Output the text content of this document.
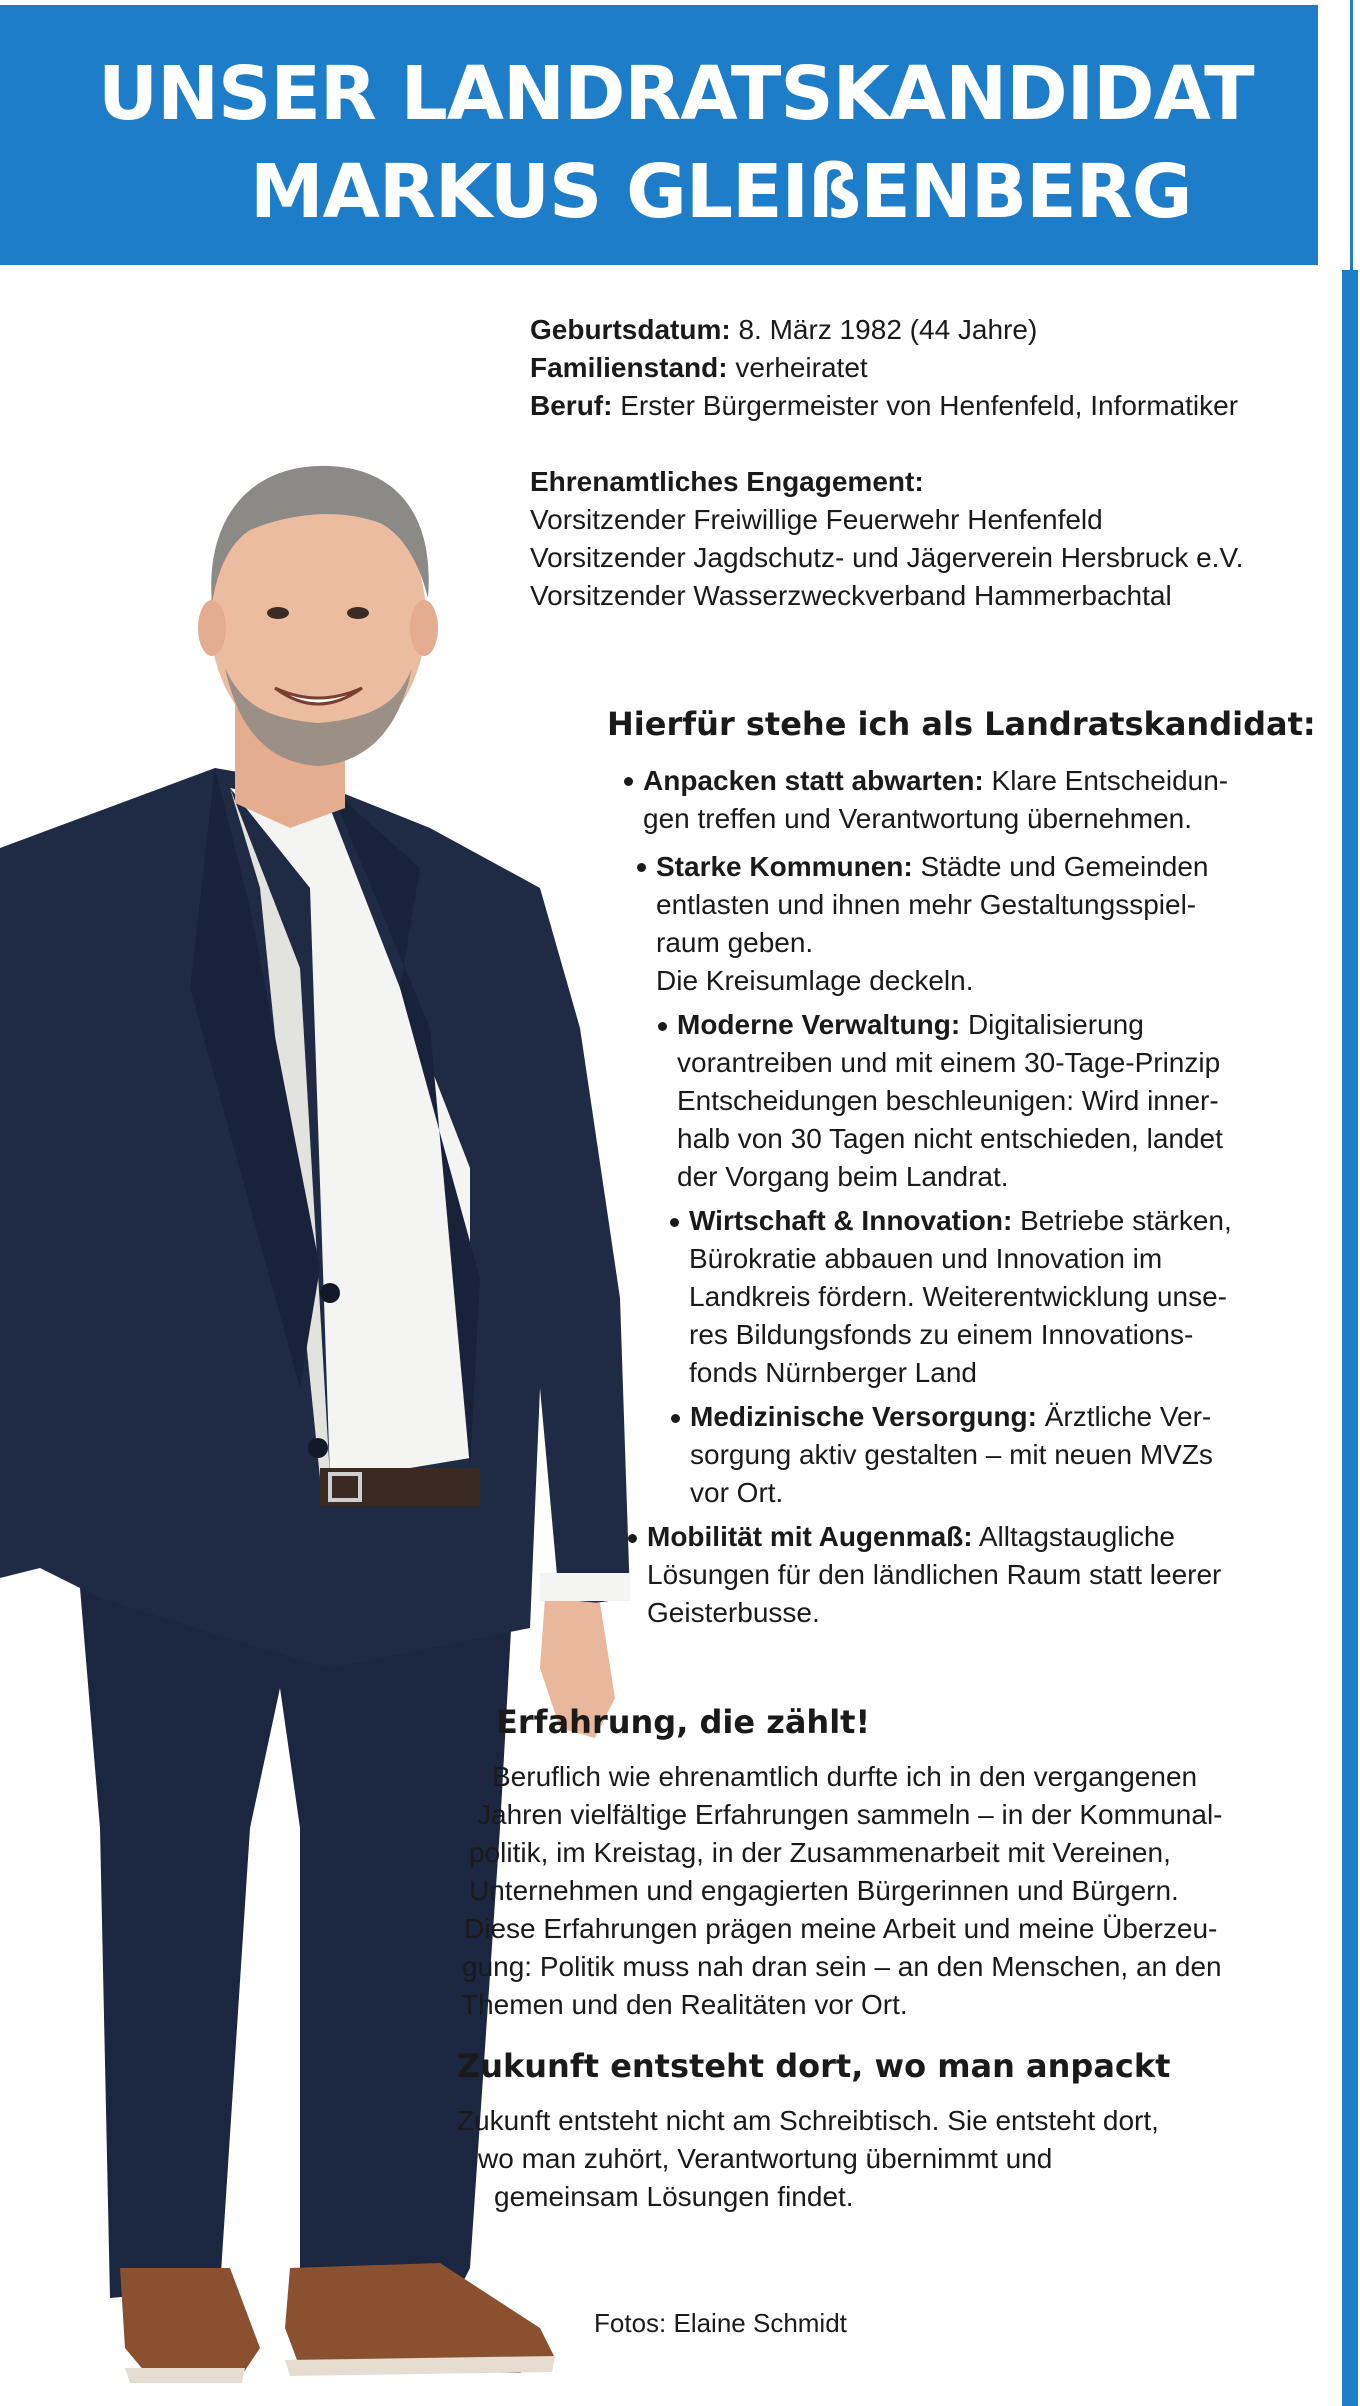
UNSER LANDRATSKANDIDAT
MARKUS GLEIßENBERG
Geburtsdatum: 8. März 1982 (44 Jahre)
Familienstand: verheiratet
Beruf: Erster Bürgermeister von Henfenfeld, Informatiker
Ehrenamtliches Engagement:
Vorsitzender Freiwillige Feuerwehr Henfenfeld
Vorsitzender Jagdschutz- und Jägerverein Hersbruck e.V.
Vorsitzender Wasserzweckverband Hammerbachtal
Hierfür stehe ich als Landratskandidat:
Anpacken statt abwarten: Klare Entscheidun-
gen treffen und Verantwortung übernehmen.
Starke Kommunen: Städte und Gemeinden
entlasten und ihnen mehr Gestaltungsspiel-
raum geben.
Die Kreisumlage deckeln.
Moderne Verwaltung: Digitalisierung
vorantreiben und mit einem 30-Tage-Prinzip
Entscheidungen beschleunigen: Wird inner-
halb von 30 Tagen nicht entschieden, landet
der Vorgang beim Landrat.
Wirtschaft & Innovation: Betriebe stärken,
Bürokratie abbauen und Innovation im
Landkreis fördern. Weiterentwicklung unse-
res Bildungsfonds zu einem Innovations-
fonds Nürnberger Land
Medizinische Versorgung: Ärztliche Ver-
sorgung aktiv gestalten – mit neuen MVZs
vor Ort.
Mobilität mit Augenmaß: Alltagstaugliche
Lösungen für den ländlichen Raum statt leerer
Geisterbusse.
Erfahrung, die zählt!
Beruflich wie ehrenamtlich durfte ich in den vergangenen
Jahren vielfältige Erfahrungen sammeln – in der Kommunal-
politik, im Kreistag, in der Zusammenarbeit mit Vereinen,
Unternehmen und engagierten Bürgerinnen und Bürgern.
Diese Erfahrungen prägen meine Arbeit und meine Überzeu-
gung: Politik muss nah dran sein – an den Menschen, an den
Themen und den Realitäten vor Ort.
Zukunft entsteht dort, wo man anpackt
Zukunft entsteht nicht am Schreibtisch. Sie entsteht dort,
wo man zuhört, Verantwortung übernimmt und
gemeinsam Lösungen findet.
Fotos: Elaine Schmidt
